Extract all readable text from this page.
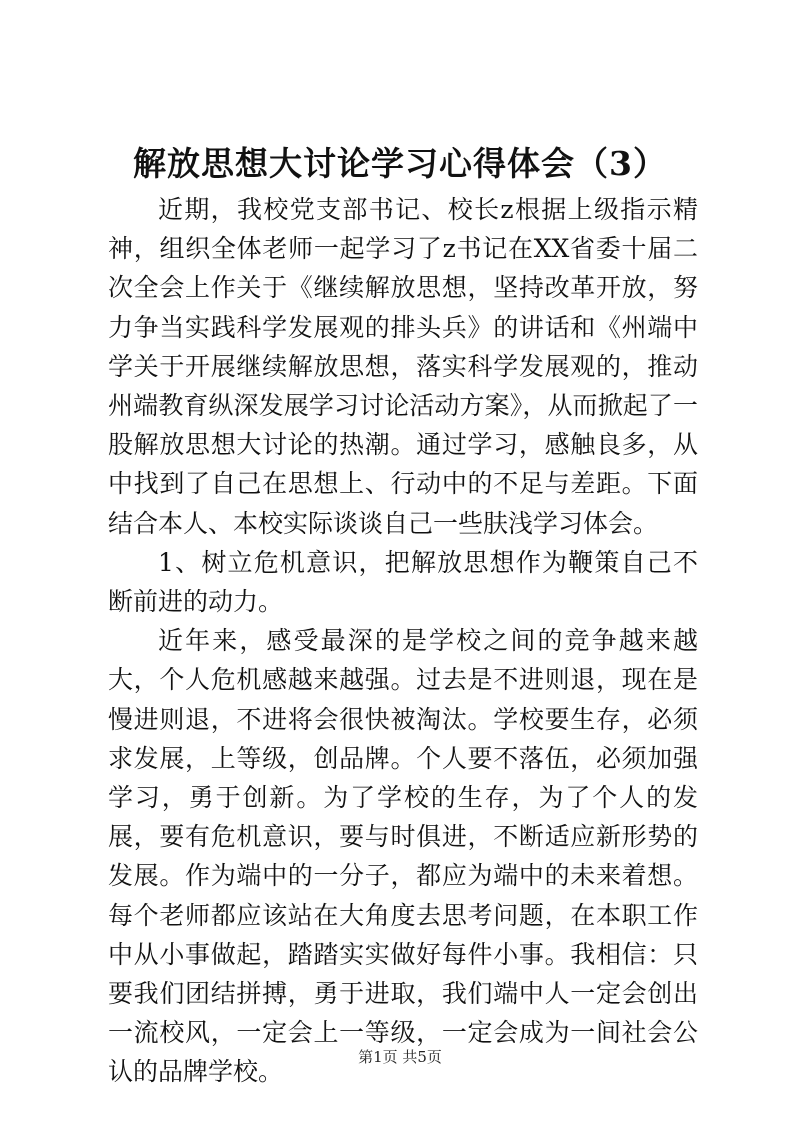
解放思想大讨论学习心得体会（3）

近期，我校党支部书记、校长z根据上级指示精神，组织全体老师一起学习了z书记在XX省委十届二次全会上作关于《继续解放思想，坚持改革开放，努力争当实践科学发展观的排头兵》的讲话和《州端中学关于开展继续解放思想，落实科学发展观的，推动州端教育纵深发展学习讨论活动方案》，从而掀起了一股解放思想大讨论的热潮。通过学习，感触良多，从中找到了自己在思想上、行动中的不足与差距。下面结合本人、本校实际谈谈自己一些肤浅学习体会。

1、树立危机意识，把解放思想作为鞭策自己不断前进的动力。

近年来，感受最深的是学校之间的竞争越来越大，个人危机感越来越强。过去是不进则退，现在是慢进则退，不进将会很快被淘汰。学校要生存，必须求发展，上等级，创品牌。个人要不落伍，必须加强学习，勇于创新。为了学校的生存，为了个人的发展，要有危机意识，要与时俱进，不断适应新形势的发展。作为端中的一分子，都应为端中的未来着想。每个老师都应该站在大角度去思考问题，在本职工作中从小事做起，踏踏实实做好每件小事。我相信：只要我们团结拼搏，勇于进取，我们端中人一定会创出一流校风，一定会上一等级，一定会成为一间社会公认的品牌学校。

第1页 共5页
